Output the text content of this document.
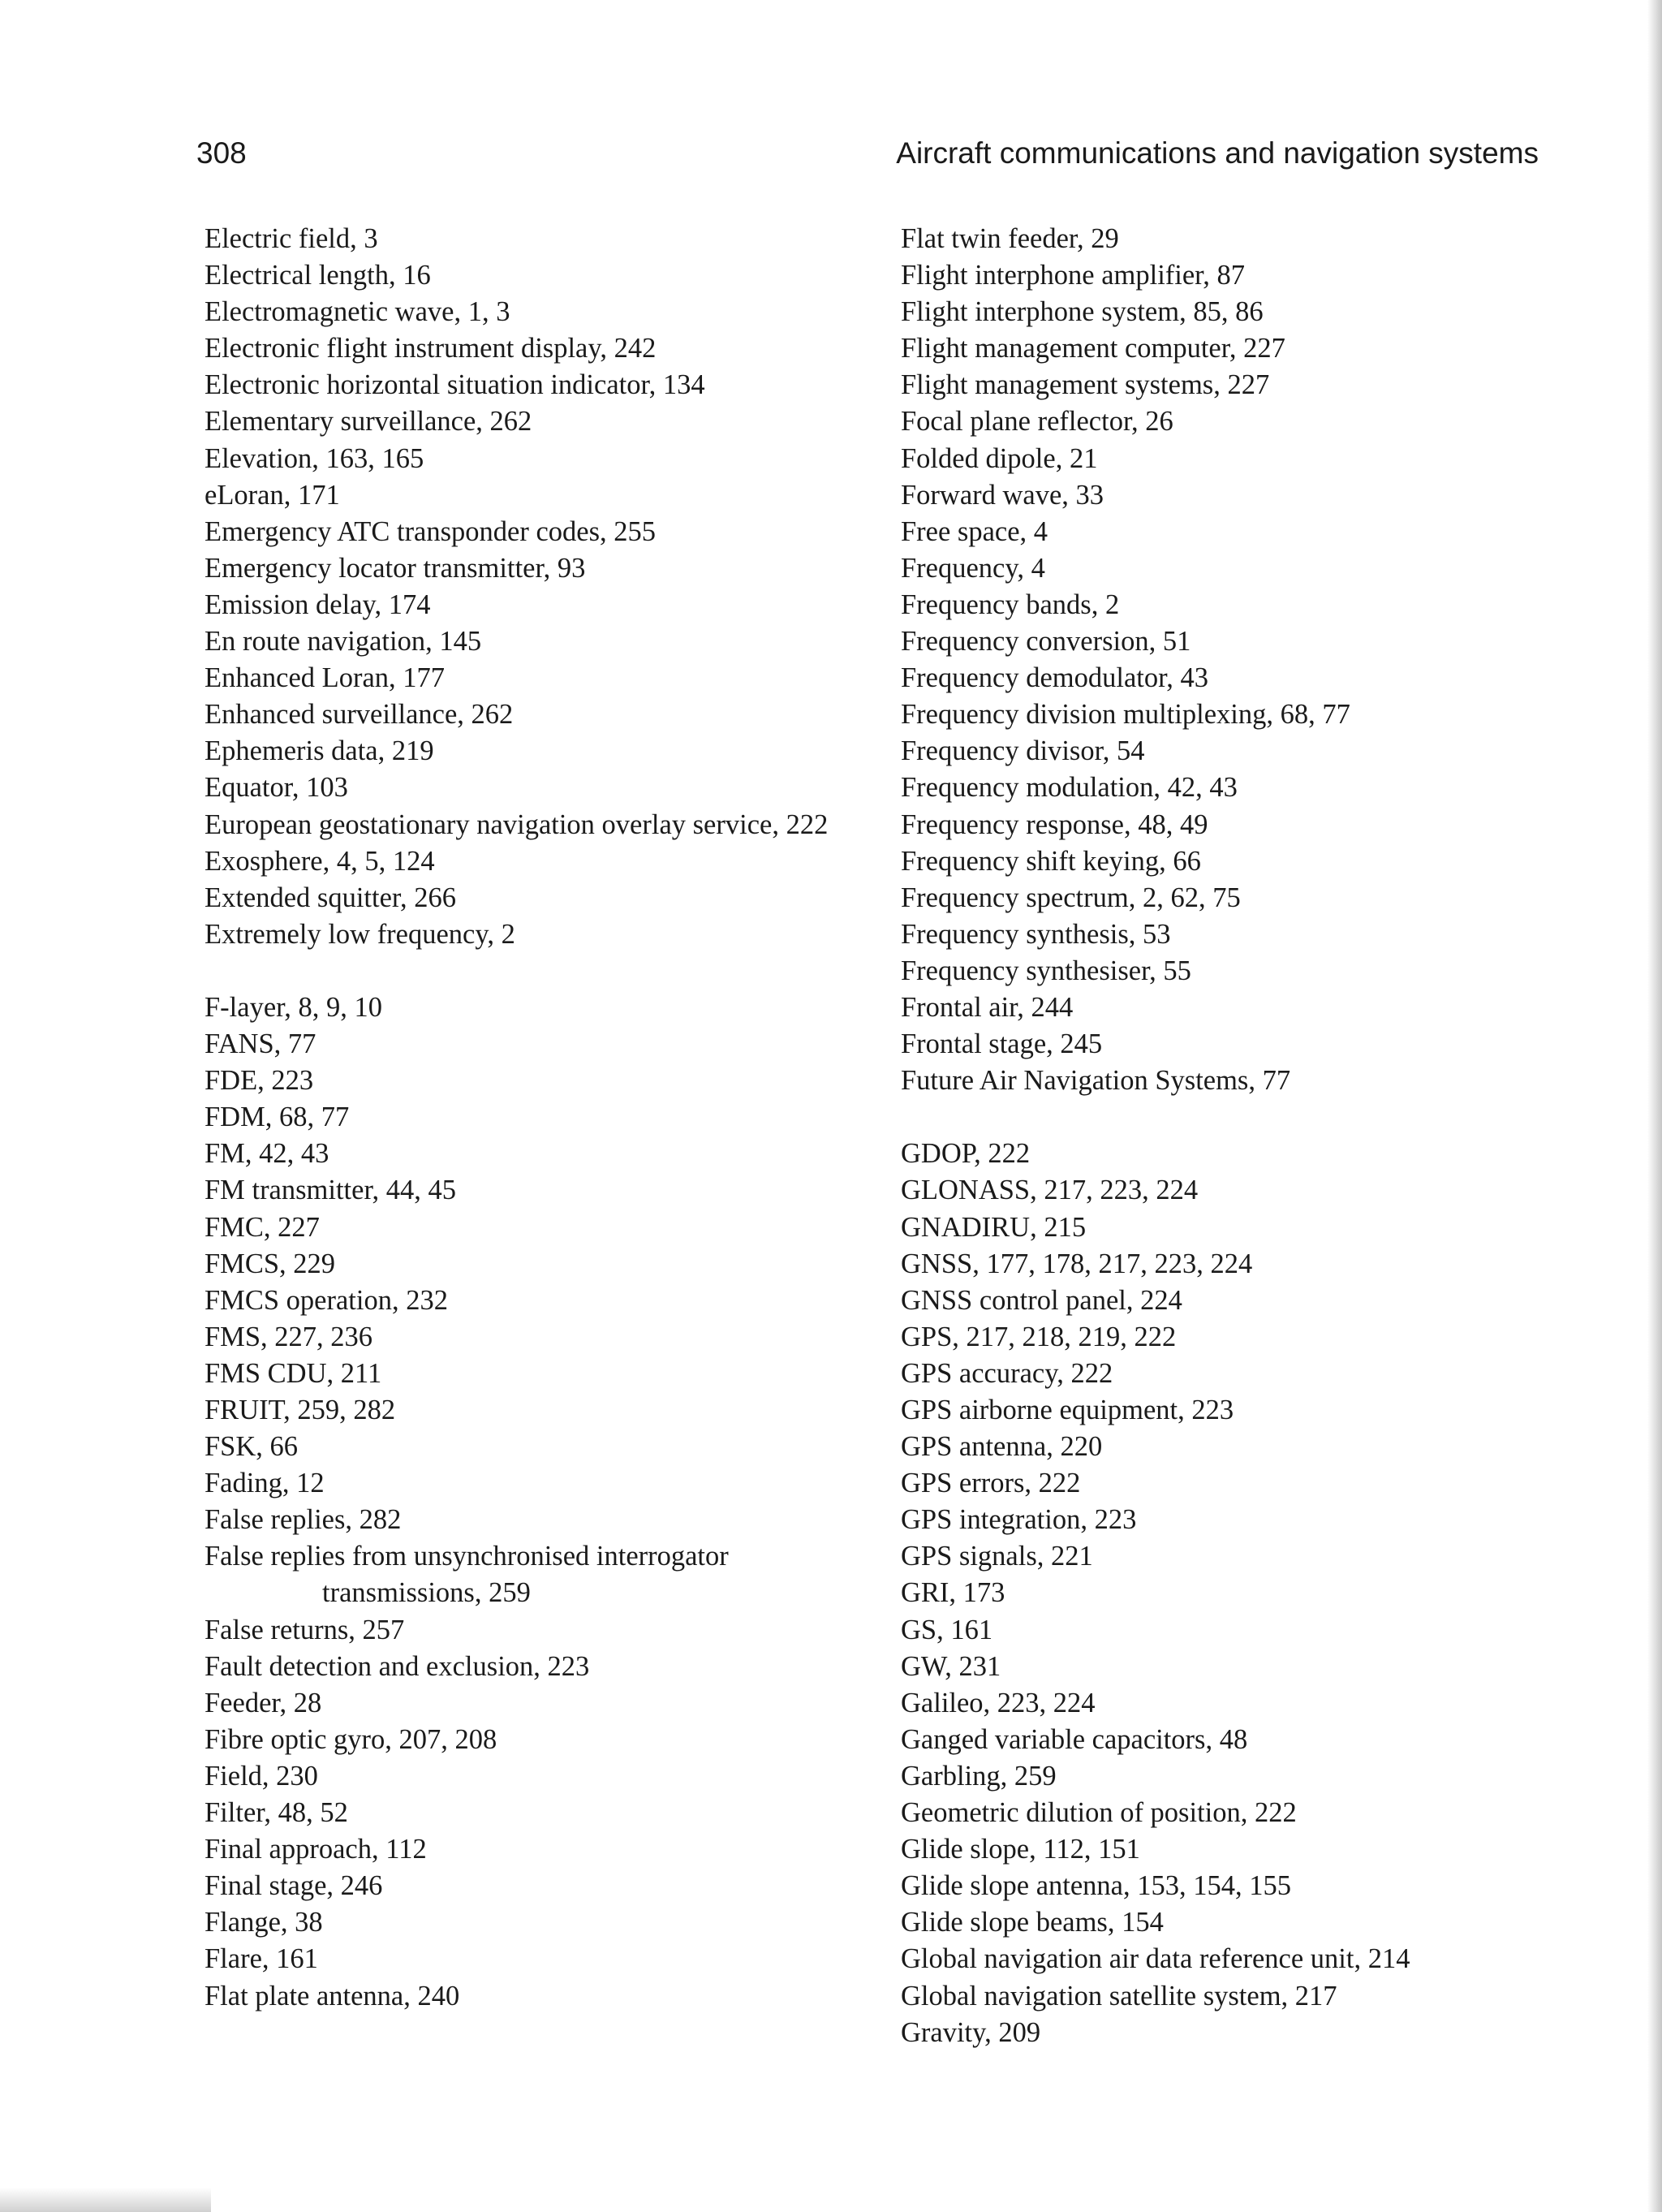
308	Aircraft communications and navigation systems
Electric field, 3
Electrical length, 16
Electromagnetic wave, 1, 3
Electronic flight instrument display, 242
Electronic horizontal situation indicator, 134
Elementary surveillance, 262
Elevation, 163, 165
eLoran, 171
Emergency ATC transponder codes, 255
Emergency locator transmitter, 93
Emission delay, 174
En route navigation, 145
Enhanced Loran, 177
Enhanced surveillance, 262
Ephemeris data, 219
Equator, 103
European geostationary navigation overlay service, 222
Exosphere, 4, 5, 124
Extended squitter, 266
Extremely low frequency, 2
F-layer, 8, 9, 10
FANS, 77
FDE, 223
FDM, 68, 77
FM, 42, 43
FM transmitter, 44, 45
FMC, 227
FMCS, 229
FMCS operation, 232
FMS, 227, 236
FMS CDU, 211
FRUIT, 259, 282
FSK, 66
Fading, 12
False replies, 282
False replies from unsynchronised interrogator transmissions, 259
False returns, 257
Fault detection and exclusion, 223
Feeder, 28
Fibre optic gyro, 207, 208
Field, 230
Filter, 48, 52
Final approach, 112
Final stage, 246
Flange, 38
Flare, 161
Flat plate antenna, 240
Flat twin feeder, 29
Flight interphone amplifier, 87
Flight interphone system, 85, 86
Flight management computer, 227
Flight management systems, 227
Focal plane reflector, 26
Folded dipole, 21
Forward wave, 33
Free space, 4
Frequency, 4
Frequency bands, 2
Frequency conversion, 51
Frequency demodulator, 43
Frequency division multiplexing, 68, 77
Frequency divisor, 54
Frequency modulation, 42, 43
Frequency response, 48, 49
Frequency shift keying, 66
Frequency spectrum, 2, 62, 75
Frequency synthesis, 53
Frequency synthesiser, 55
Frontal air, 244
Frontal stage, 245
Future Air Navigation Systems, 77
GDOP, 222
GLONASS, 217, 223, 224
GNADIRU, 215
GNSS, 177, 178, 217, 223, 224
GNSS control panel, 224
GPS, 217, 218, 219, 222
GPS accuracy, 222
GPS airborne equipment, 223
GPS antenna, 220
GPS errors, 222
GPS integration, 223
GPS signals, 221
GRI, 173
GS, 161
GW, 231
Galileo, 223, 224
Ganged variable capacitors, 48
Garbling, 259
Geometric dilution of position, 222
Glide slope, 112, 151
Glide slope antenna, 153, 154, 155
Glide slope beams, 154
Global navigation air data reference unit, 214
Global navigation satellite system, 217
Gravity, 209
